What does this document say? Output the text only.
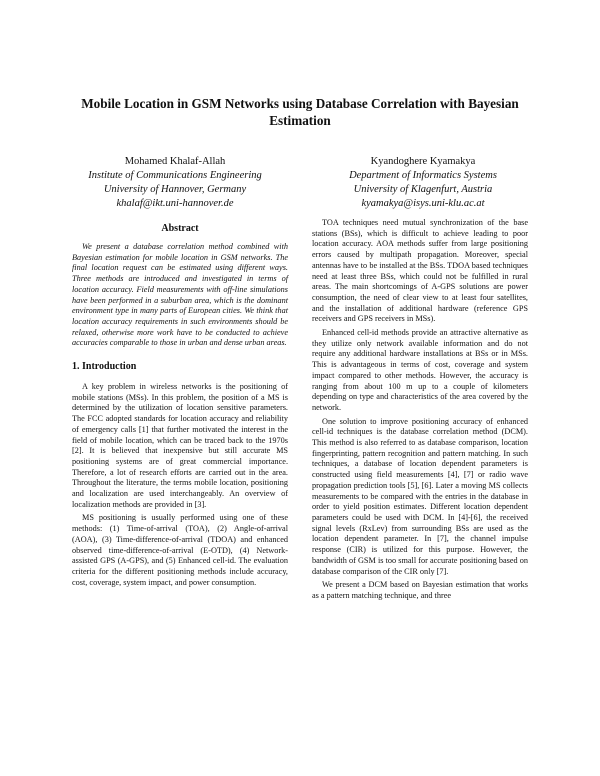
Mobile Location in GSM Networks using Database Correlation with Bayesian
Estimation
Mohamed Khalaf-Allah
Institute of Communications Engineering
University of Hannover, Germany
khalaf@ikt.uni-hannover.de
Kyandoghere Kyamakya
Department of Informatics Systems
University of Klagenfurt, Austria
kyamakya@isys.uni-klu.ac.at
Abstract

We present a database correlation method combined with Bayesian estimation for mobile location in GSM networks. The final location request can be estimated using different ways. Three methods are introduced and investigated in terms of location accuracy. Field measurements with off-line simulations have been performed in a suburban area, which is the dominant environment type in many parts of European cities. We think that location accuracy requirements in such environments should be relaxed, otherwise more work have to be conducted to achieve accuracies comparable to those in urban and dense urban areas.

1. Introduction

A key problem in wireless networks is the positioning of mobile stations (MSs). In this problem, the position of a MS is determined by the utilization of location sensitive parameters. The FCC adopted standards for location accuracy and reliability of emergency calls [1] that further motivated the interest in the field of mobile location, which can be traced back to the 1970s [2]. It is believed that inexpensive but still accurate MS positioning systems are of great commercial importance. Therefore, a lot of research efforts are carried out in the area. Throughout the literature, the terms mobile location, positioning and localization are used interchangeably. An overview of localization methods are provided in [3].

MS positioning is usually performed using one of these methods: (1) Time-of-arrival (TOA), (2) Angle-of-arrival (AOA), (3) Time-difference-of-arrival (TDOA) and enhanced observed time-difference-of-arrival (E-OTD), (4) Network-assisted GPS (A-GPS), and (5) Enhanced cell-id. The evaluation criteria for the different positioning methods include accuracy, cost, coverage, system impact, and power consumption.

TOA techniques need mutual synchronization of the base stations (BSs), which is difficult to achieve leading to poor location accuracy. AOA methods suffer from large positioning errors caused by multipath propagation. Moreover, special antennas have to be installed at the BSs. TDOA based techniques need at least three BSs, which could not be fulfilled in rural areas. The main shortcomings of A-GPS solutions are power consumption, the need of clear view to at least four satellites, and the installation of additional hardware (reference GPS receivers and GPS receivers in MSs).

Enhanced cell-id methods provide an attractive alternative as they utilize only network available information and do not require any additional hardware installations at BSs or in MSs. This is advantageous in terms of cost, coverage and system impact compared to other methods. However, the accuracy is ranging from about 100 m up to a couple of kilometers depending on type and characteristics of the area covered by the network.

One solution to improve positioning accuracy of enhanced cell-id techniques is the database correlation method (DCM). This method is also referred to as database comparison, location fingerprinting, pattern recognition and pattern matching. In such techniques, a database of location dependent parameters is constructed using field measurements [4], [7] or radio wave propagation prediction tools [5], [6]. Later a moving MS collects measurements to be compared with the entries in the database in order to yield position estimates. Different location dependent parameters could be used with DCM. In [4]-[6], the received signal levels (RxLev) from surrounding BSs are used as the location dependent parameter. In [7], the channel impulse response (CIR) is utilized for this purpose. However, the bandwidth of GSM is too small for accurate positioning based on database comparison of the CIR only [7].

We present a DCM based on Bayesian estimation that works as a pattern matching technique, and three
